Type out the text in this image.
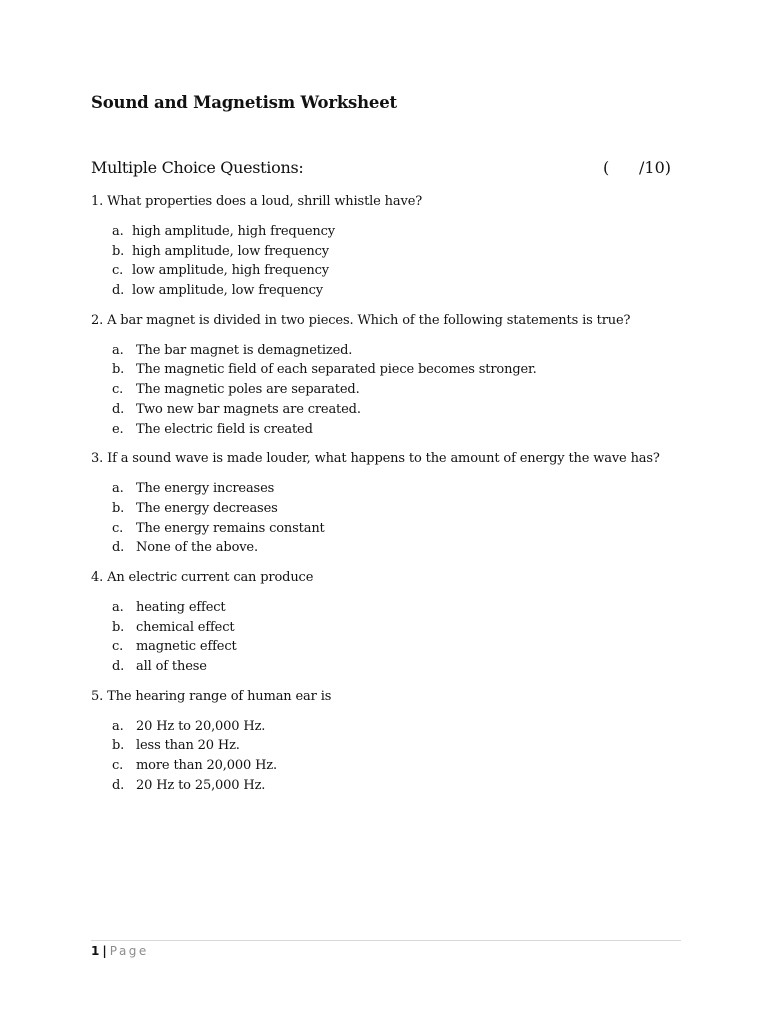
Sound and Magnetism Worksheet
Multiple Choice Questions:	( /10)
1. What properties does a loud, shrill whistle have?
a. high amplitude, high frequency
b. high amplitude, low frequency
c. low amplitude, high frequency
d. low amplitude, low frequency
2. A bar magnet is divided in two pieces. Which of the following statements is true?
a. The bar magnet is demagnetized.
b. The magnetic field of each separated piece becomes stronger.
c. The magnetic poles are separated.
d. Two new bar magnets are created.
e. The electric field is created
3. If a sound wave is made louder, what happens to the amount of energy the wave has?
a. The energy increases
b. The energy decreases
c. The energy remains constant
d. None of the above.
4. An electric current can produce
a. heating effect
b. chemical effect
c. magnetic effect
d. all of these
5. The hearing range of human ear is
a. 20 Hz to 20,000 Hz.
b. less than 20 Hz.
c. more than 20,000 Hz.
d. 20 Hz to 25,000 Hz.
1 | Page
